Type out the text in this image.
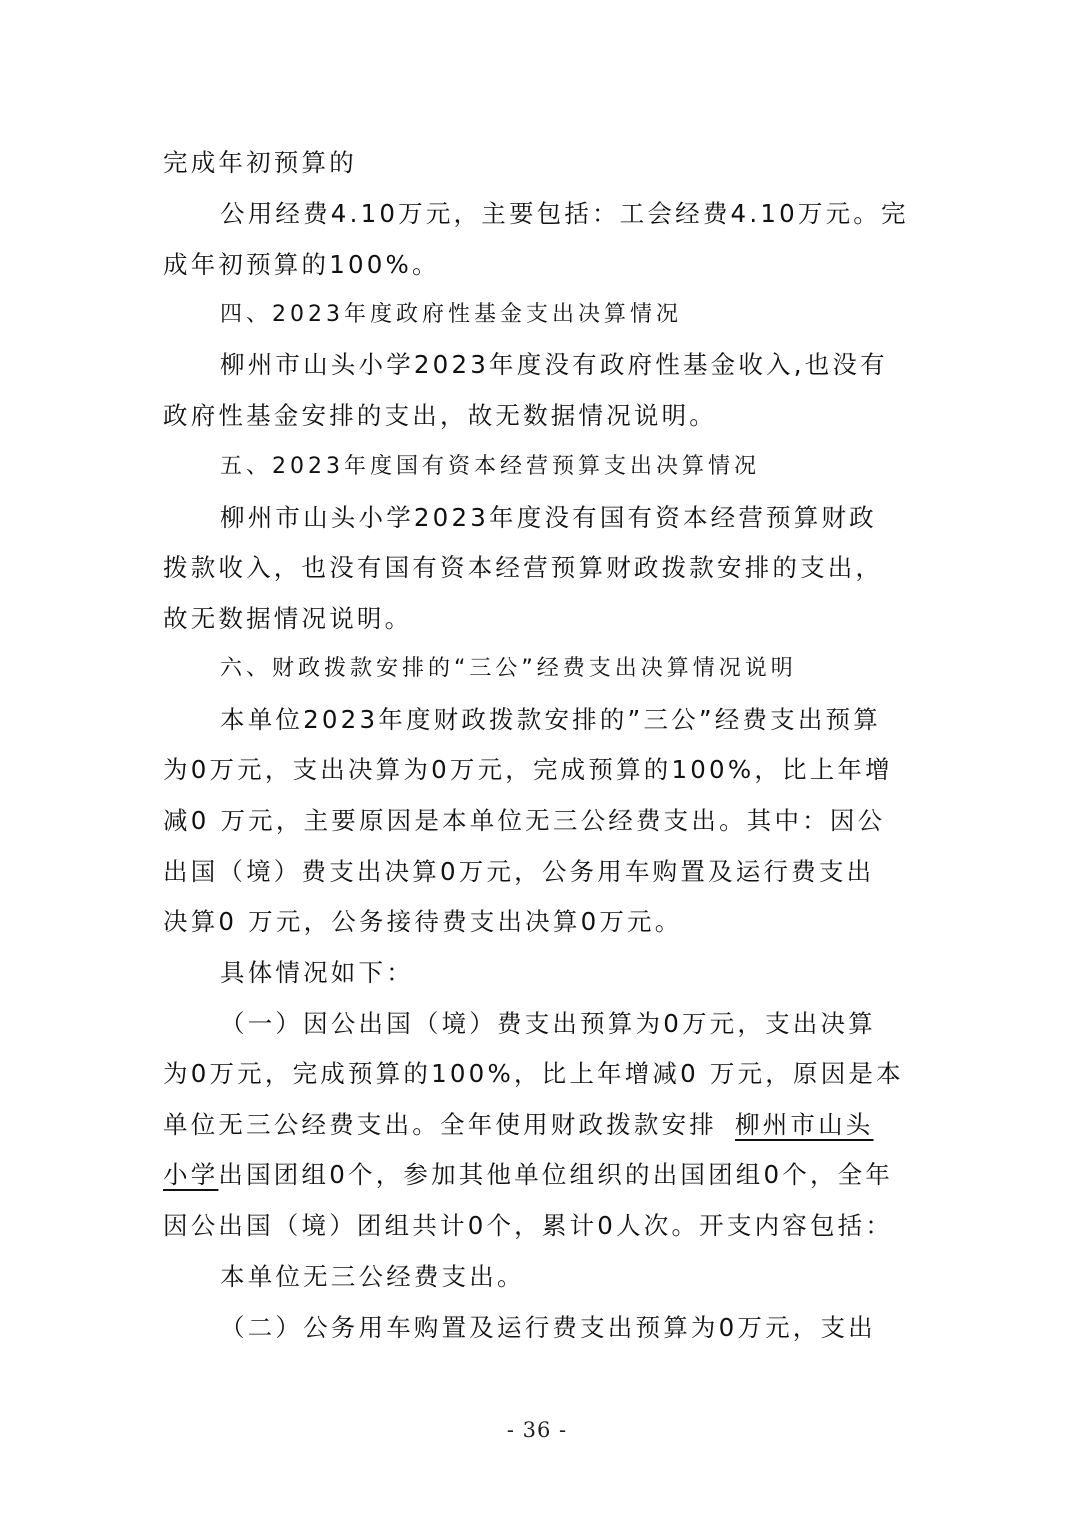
完成年初预算的
公用经费4.10万元，主要包括：工会经费4.10万元。完
成年初预算的100%。
四、2023年度政府性基金支出决算情况
柳州市山头小学2023年度没有政府性基金收入,也没有
政府性基金安排的支出，故无数据情况说明。
五、2023年度国有资本经营预算支出决算情况
柳州市山头小学2023年度没有国有资本经营预算财政
拨款收入，也没有国有资本经营预算财政拨款安排的支出，
故无数据情况说明。
六、财政拨款安排的“三公”经费支出决算情况说明
本单位2023年度财政拨款安排的”三公”经费支出预算
为0万元，支出决算为0万元，完成预算的100%，比上年增
减0 万元，主要原因是本单位无三公经费支出。其中：因公
出国（境）费支出决算0万元，公务用车购置及运行费支出
决算0 万元，公务接待费支出决算0万元。
具体情况如下：
（一）因公出国（境）费支出预算为0万元，支出决算
为0万元，完成预算的100%，比上年增减0 万元，原因是本
单位无三公经费支出。全年使用财政拨款安排 柳州市山头
小学出国团组0个，参加其他单位组织的出国团组0个，全年
因公出国（境）团组共计0个，累计0人次。开支内容包括：
本单位无三公经费支出。
（二）公务用车购置及运行费支出预算为0万元，支出
- 36 -
